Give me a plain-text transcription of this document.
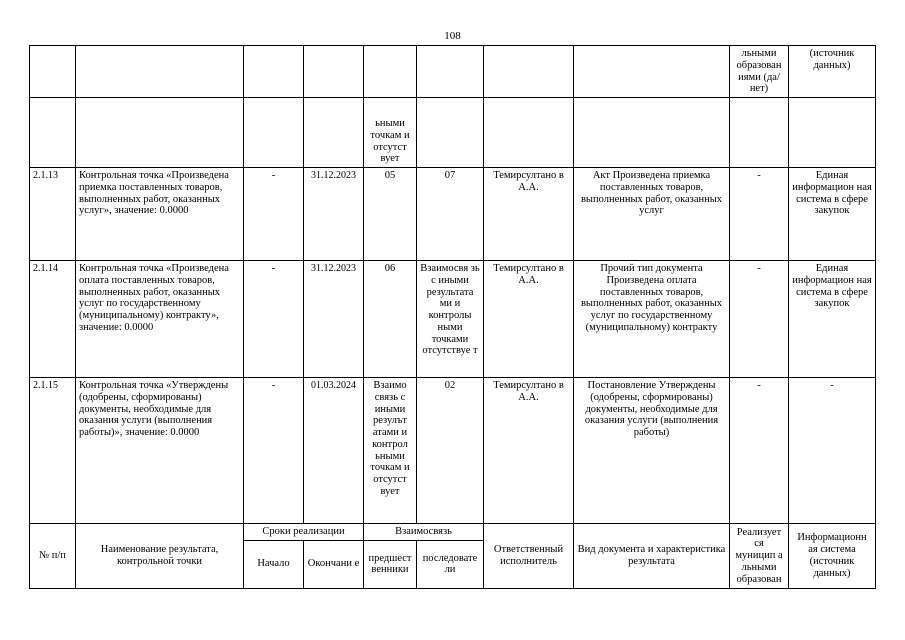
108
								льными образован иями (да/нет)	(источник данных)
				ьными точкам и отсутст вует					
2.1.13	Контрольная точка «Произведена приемка поставленных товаров, выполненных работ, оказанных услуг», значение: 0.0000	-	31.12.2023	05	07	Темирсултано в А.А.	Акт Произведена приемка поставленных товаров, выполненных работ, оказанных услуг	-	Единая информацион ная система в сфере закупок
2.1.14	Контрольная точка «Произведена оплата поставленных товаров, выполненных работ, оказанных услуг по государственному (муниципальному) контракту», значение: 0.0000	-	31.12.2023	06	Взаимосвя зь с иными результата ми и контролы ными точками отсутствуе т	Темирсултано в А.А.	Прочий тип документа Произведена оплата поставленных товаров, выполненных работ, оказанных услуг по государственному (муниципальному) контракту	-	Единая информацион ная система в сфере закупок
2.1.15	Контрольная точка «Утверждены (одобрены, сформированы) документы, необходимые для оказания услуги (выполнения работы)», значение: 0.0000	-	01.03.2024	Взаимо связь с иными резулът атами и контрол ьными точкам и отсутст вует	02	Темирсултано в А.А.	Постановление Утверждены (одобрены, сформированы) документы, необходимые для оказания услуги (выполнения работы)	-	-
№ п/п	Наименование результата, контрольной точки	Сроки реализации		Взаимосвязь		Ответственный исполнитель	Вид документа и характеристика результата	Реализует ся муницип а льными образован	Информационн ая система (источник данных)
		Начало	Окончани е	предшест венники	последовате ли				
